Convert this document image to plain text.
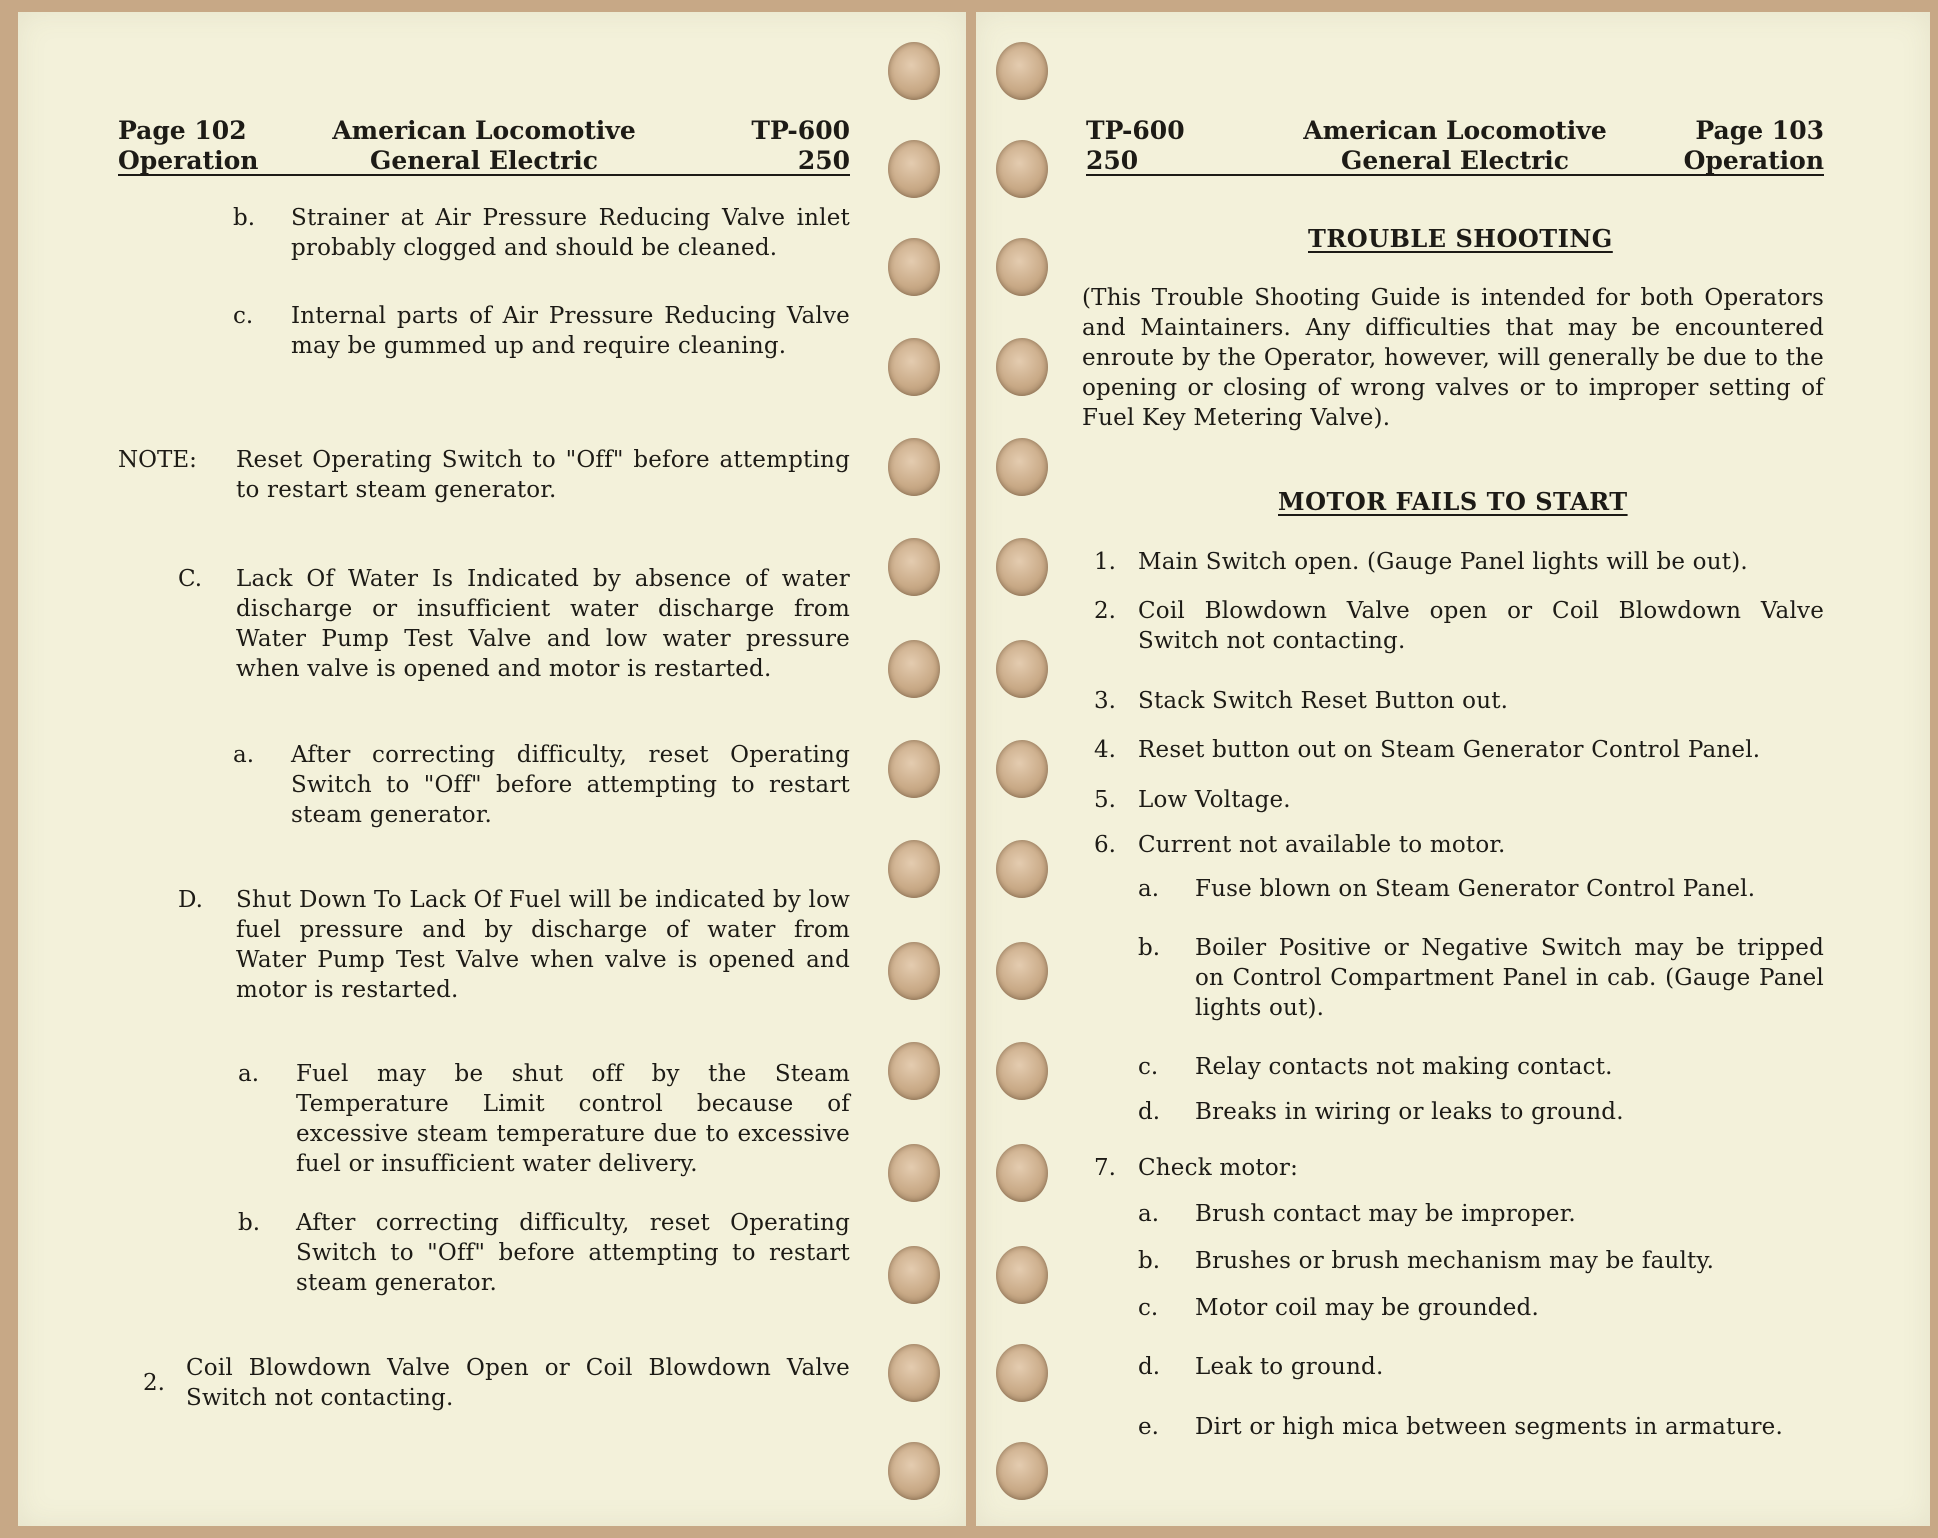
Page 102
Operation
American Locomotive
General Electric
TP-600
250
b. Strainer at Air Pressure Reducing Valve inlet probably clogged and should be cleaned.
c. Internal parts of Air Pressure Reducing Valve may be gummed up and require cleaning.
NOTE: Reset Operating Switch to "Off" before attempting to restart steam generator.
C. Lack Of Water Is Indicated by absence of water discharge or insufficient water discharge from Water Pump Test Valve and low water pressure when valve is opened and motor is restarted.
a. After correcting difficulty, reset Operating Switch to "Off" before attempting to restart steam generator.
D. Shut Down To Lack Of Fuel will be indicated by low fuel pressure and by discharge of water from Water Pump Test Valve when valve is opened and motor is restarted.
a. Fuel may be shut off by the Steam Temperature Limit control because of excessive steam temperature due to excessive fuel or insufficient water delivery.
b. After correcting difficulty, reset Operating Switch to "Off" before attempting to restart steam generator.
2.
Coil Blowdown Valve Open or Coil Blowdown Valve Switch not contacting.
TP-600
250
American Locomotive
General Electric
Page 103
Operation
TROUBLE SHOOTING
(This Trouble Shooting Guide is intended for both Operators and Maintainers. Any difficulties that may be encountered enroute by the Operator, however, will generally be due to the opening or closing of wrong valves or to improper setting of Fuel Key Metering Valve).
MOTOR FAILS TO START
1. Main Switch open. (Gauge Panel lights will be out).
2. Coil Blowdown Valve open or Coil Blowdown Valve Switch not contacting.
3. Stack Switch Reset Button out.
4. Reset button out on Steam Generator Control Panel.
5. Low Voltage.
6. Current not available to motor.
a. Fuse blown on Steam Generator Control Panel.
b. Boiler Positive or Negative Switch may be tripped on Control Compartment Panel in cab. (Gauge Panel lights out).
c. Relay contacts not making contact.
d. Breaks in wiring or leaks to ground.
7. Check motor:
a. Brush contact may be improper.
b. Brushes or brush mechanism may be faulty.
c. Motor coil may be grounded.
d. Leak to ground.
e. Dirt or high mica between segments in armature.
